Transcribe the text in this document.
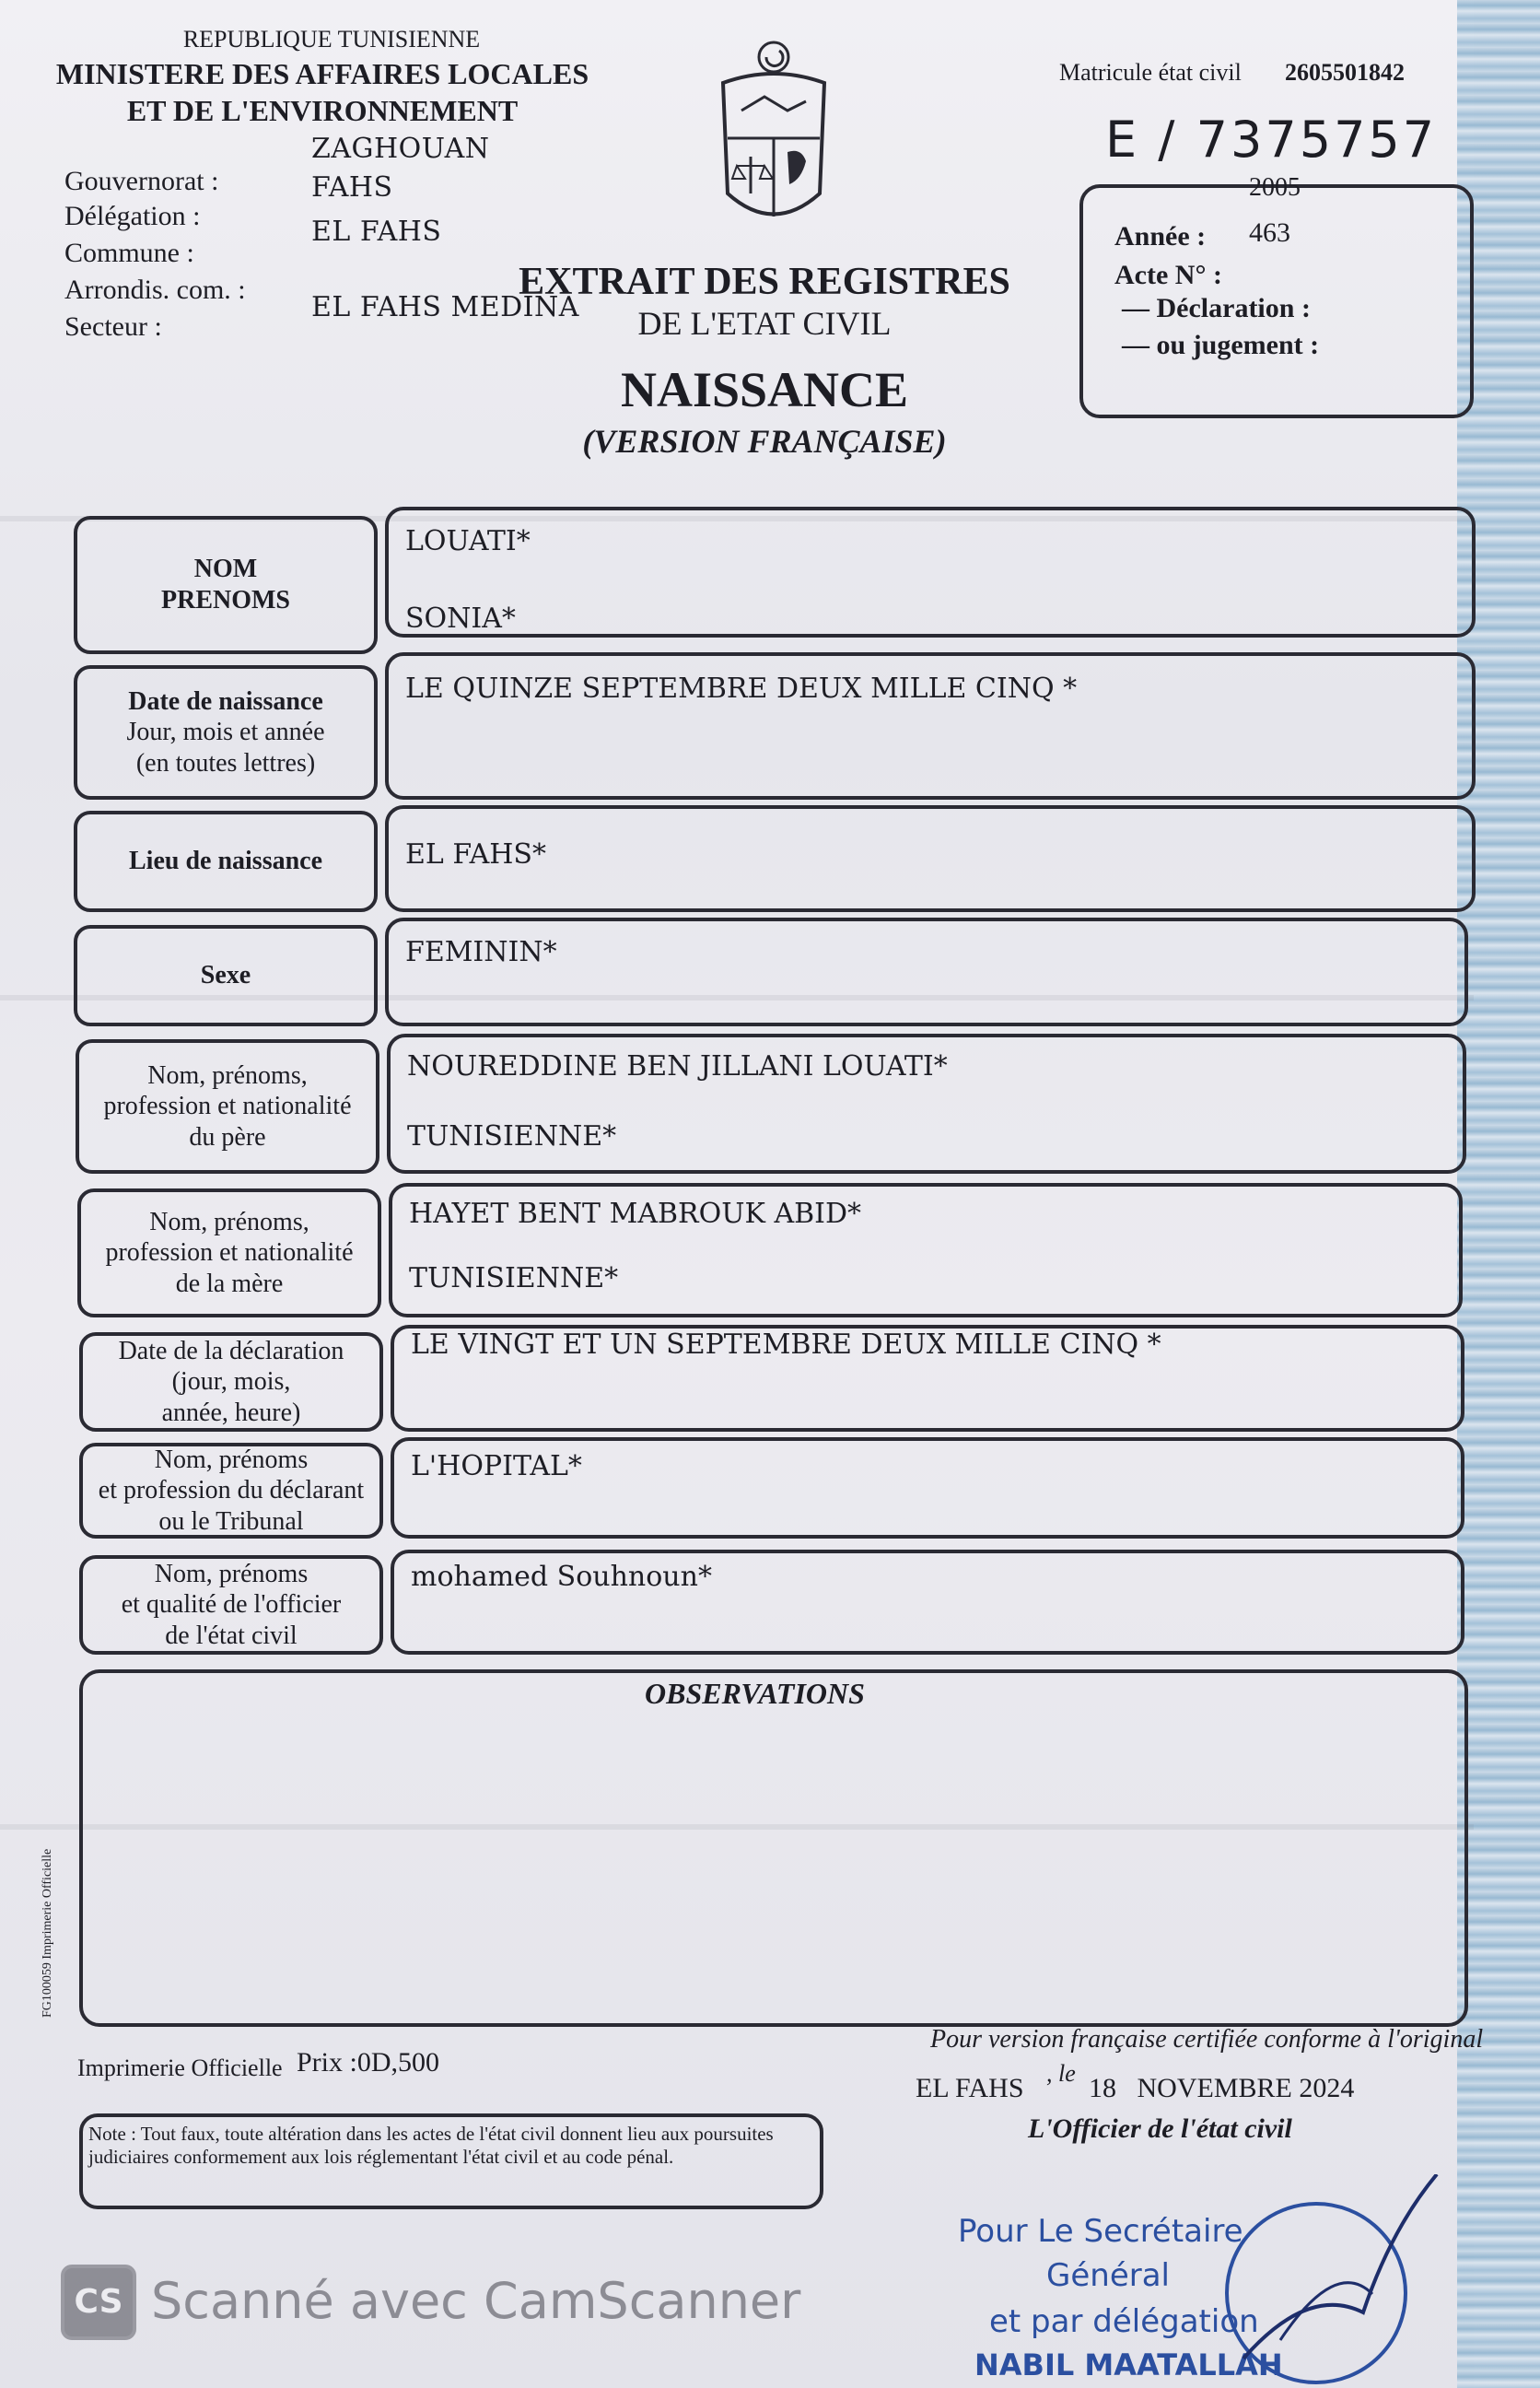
REPUBLIQUE TUNISIENNE
MINISTERE DES AFFAIRES LOCALES
ET DE L'ENVIRONNEMENT
Gouvernorat :
ZAGHOUAN
Délégation :
FAHS
Commune :
EL FAHS
Arrondis. com. :
Secteur :
EL FAHS MEDINA
Matricule état civil 2605501842
E / 7375757
2005
Année : 463
Acte N° :
— Déclaration :
— ou jugement :
EXTRAIT DES REGISTRES
DE L'ETAT CIVIL
NAISSANCE
(VERSION FRANÇAISE)
NOM
PRENOMS
LOUATI*
SONIA*
Date de naissance
Jour, mois et année
(en toutes lettres)
LE QUINZE SEPTEMBRE DEUX MILLE CINQ *
Lieu de naissance	EL FAHS*
Sexe
FEMININ*
Nom, prénoms,
profession et nationalité
du père
NOUREDDINE BEN JILLANI LOUATI*
TUNISIENNE*
Nom, prénoms,
profession et nationalité
de la mère
HAYET BENT MABROUK ABID*
TUNISIENNE*
Date de la déclaration
(jour, mois,
année, heure)
LE VINGT ET UN SEPTEMBRE DEUX MILLE CINQ *
Nom, prénoms
et profession du déclarant
ou le Tribunal
L'HOPITAL*
Nom, prénoms
et qualité de l'officier
de l'état civil
mohamed Souhnoun*
OBSERVATIONS
FG100059 Imprimerie Officielle
Imprimerie Officielle Prix :0D,500
Note : Tout faux, toute altération dans les actes de l'état civil donnent lieu aux poursuites judiciaires conformement aux lois réglementant l'état civil et au code pénal.
Pour version française certifiée conforme à l'original
EL FAHS , le 18   NOVEMBRE 2024
L'Officier de l'état civil
Pour Le Secrétaire
Général
et par délégation
NABIL MAATALLAH
CS Scanné avec CamScanner
